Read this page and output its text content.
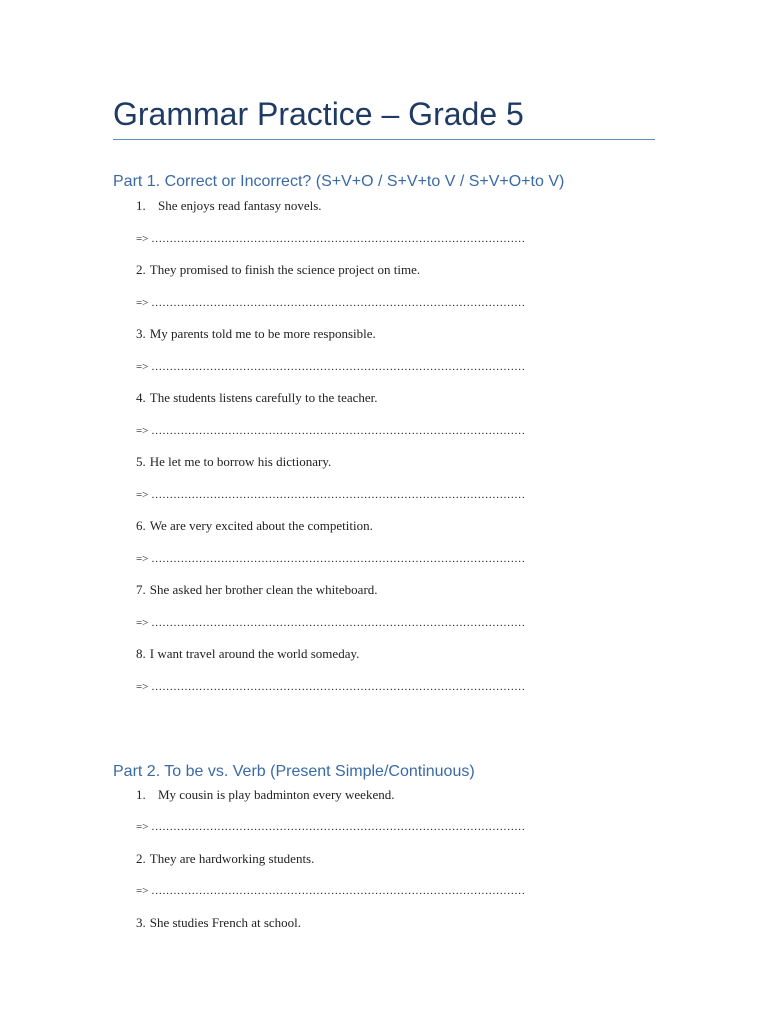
Grammar Practice – Grade 5
Part 1. Correct or Incorrect? (S+V+O / S+V+to V / S+V+O+to V)
1. She enjoys read fantasy novels.
=> …………………………………………………………………………………………
2. They promised to finish the science project on time.
=> …………………………………………………………………………………………
3. My parents told me to be more responsible.
=> …………………………………………………………………………………………
4. The students listens carefully to the teacher.
=> …………………………………………………………………………………………
5. He let me to borrow his dictionary.
=> …………………………………………………………………………………………
6. We are very excited about the competition.
=> …………………………………………………………………………………………
7. She asked her brother clean the whiteboard.
=> …………………………………………………………………………………………
8. I want travel around the world someday.
=> …………………………………………………………………………………………
Part 2. To be vs. Verb (Present Simple/Continuous)
1. My cousin is play badminton every weekend.
=> …………………………………………………………………………………………
2. They are hardworking students.
=> …………………………………………………………………………………………
3. She studies French at school.
